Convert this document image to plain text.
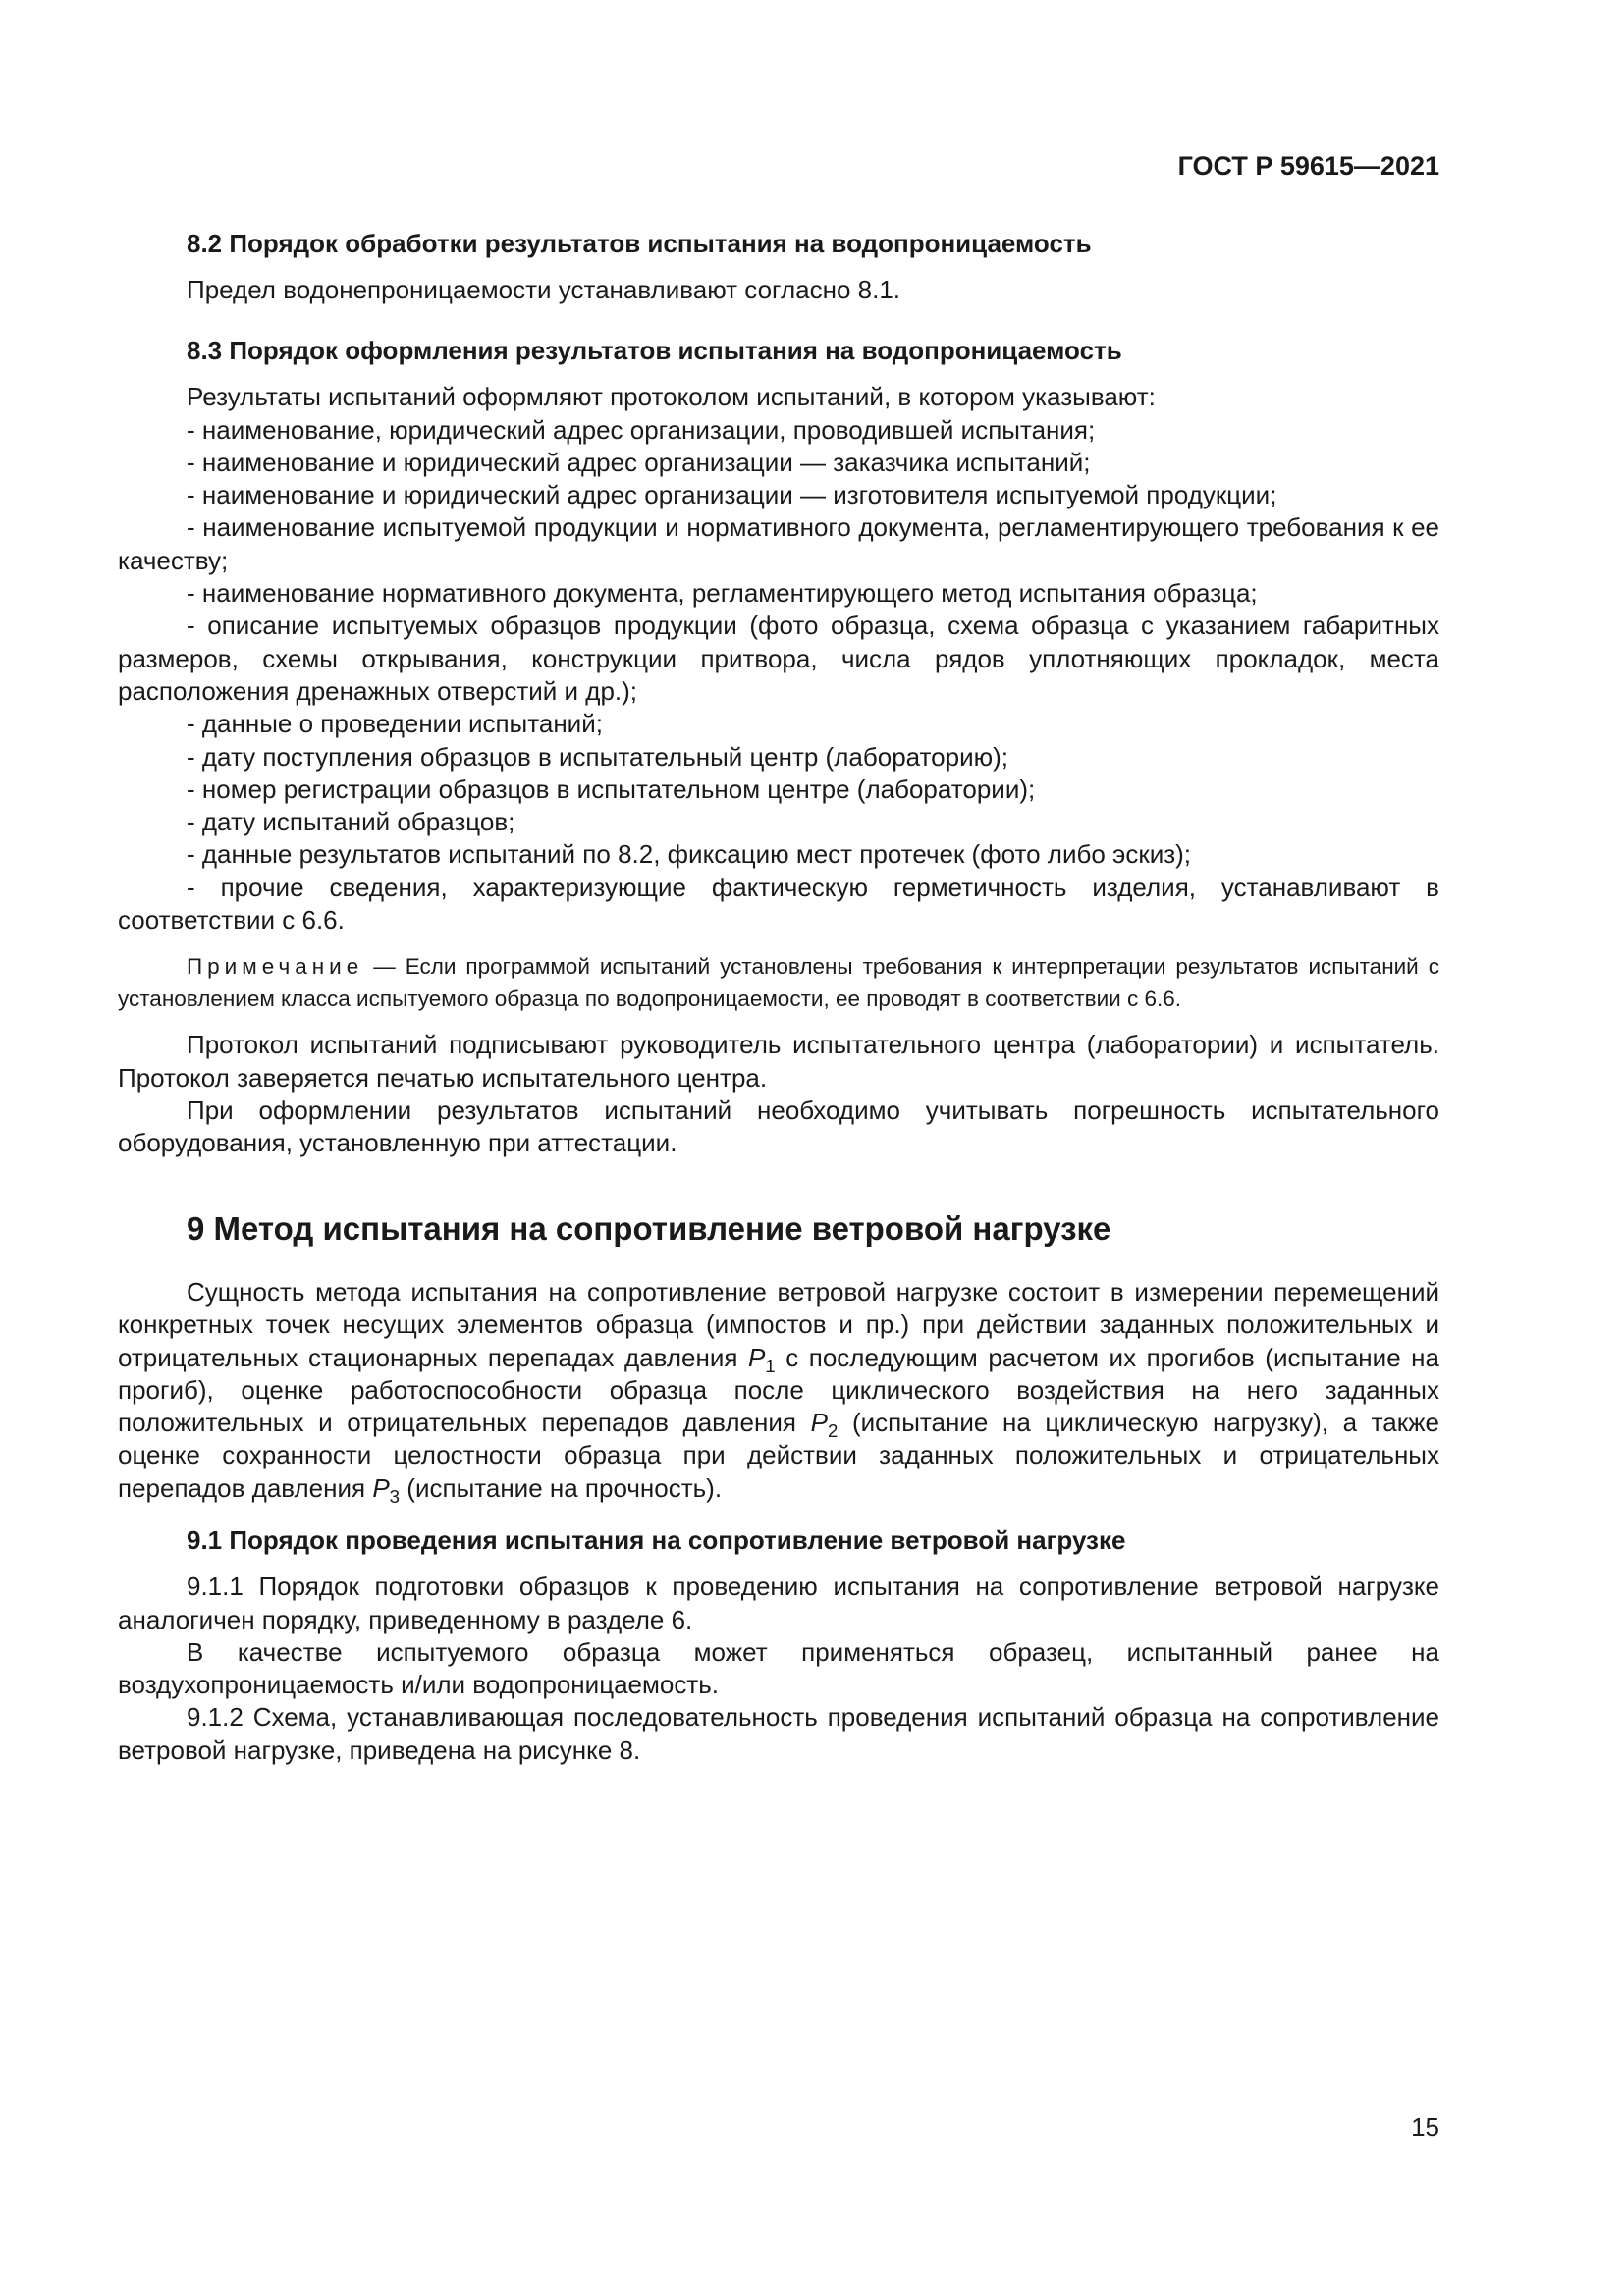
ГОСТ Р 59615—2021

8.2 Порядок обработки результатов испытания на водопроницаемость

Предел водонепроницаемости устанавливают согласно 8.1.

8.3 Порядок оформления результатов испытания на водопроницаемость

Результаты испытаний оформляют протоколом испытаний, в котором указывают:

- наименование, юридический адрес организации, проводившей испытания;

- наименование и юридический адрес организации — заказчика испытаний;

- наименование и юридический адрес организации — изготовителя испытуемой продукции;

- наименование испытуемой продукции и нормативного документа, регламентирующего требования к ее качеству;

- наименование нормативного документа, регламентирующего метод испытания образца;

- описание испытуемых образцов продукции (фото образца, схема образца с указанием габаритных размеров, схемы открывания, конструкции притвора, числа рядов уплотняющих прокладок, места расположения дренажных отверстий и др.);

- данные о проведении испытаний;

- дату поступления образцов в испытательный центр (лабораторию);

- номер регистрации образцов в испытательном центре (лаборатории);

- дату испытаний образцов;

- данные результатов испытаний по 8.2, фиксацию мест протечек (фото либо эскиз);

- прочие сведения, характеризующие фактическую герметичность изделия, устанавливают в соответствии с 6.6.

Примечание — Если программой испытаний установлены требования к интерпретации результатов испытаний с установлением класса испытуемого образца по водопроницаемости, ее проводят в соответствии с 6.6.

Протокол испытаний подписывают руководитель испытательного центра (лаборатории) и испытатель. Протокол заверяется печатью испытательного центра.

При оформлении результатов испытаний необходимо учитывать погрешность испытательного оборудования, установленную при аттестации.

9 Метод испытания на сопротивление ветровой нагрузке

Сущность метода испытания на сопротивление ветровой нагрузке состоит в измерении перемещений конкретных точек несущих элементов образца (импостов и пр.) при действии заданных положительных и отрицательных стационарных перепадах давления $P_1$ с последующим расчетом их прогибов (испытание на прогиб), оценке работоспособности образца после циклического воздействия на него заданных положительных и отрицательных перепадов давления $P_2$ (испытание на циклическую нагрузку), а также оценке сохранности целостности образца при действии заданных положительных и отрицательных перепадов давления $P_3$ (испытание на прочность).

9.1 Порядок проведения испытания на сопротивление ветровой нагрузке

9.1.1 Порядок подготовки образцов к проведению испытания на сопротивление ветровой нагрузке аналогичен порядку, приведенному в разделе 6.

В качестве испытуемого образца может применяться образец, испытанный ранее на воздухопроницаемость и/или водопроницаемость.

9.1.2 Схема, устанавливающая последовательность проведения испытаний образца на сопротивление ветровой нагрузке, приведена на рисунке 8.

15
